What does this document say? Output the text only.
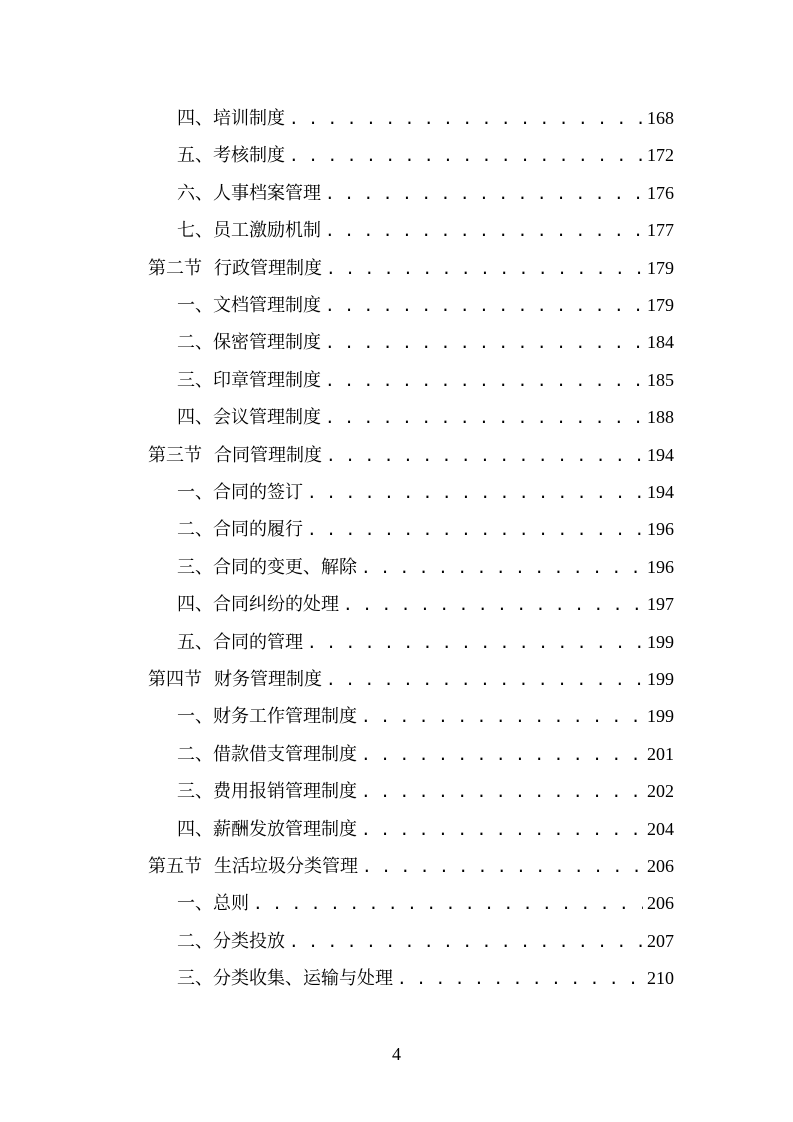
四、培训制度 . . .	168
五、考核制度 . . .	172
六、人事档案管理 . . .	176
七、员工激励机制 . . .	177
第二节 行政管理制度 . . .	179
一、文档管理制度 . . .	179
二、保密管理制度 . . .	184
三、印章管理制度 . . .	185
四、会议管理制度 . . .	188
第三节 合同管理制度 . . .	194
一、合同的签订 . . .	194
二、合同的履行 . . .	196
三、合同的变更、解除 . . .	196
四、合同纠纷的处理 . . .	197
五、合同的管理 . . .	199
第四节 财务管理制度 . . .	199
一、财务工作管理制度 . . .	199
二、借款借支管理制度 . . .	201
三、费用报销管理制度 . . .	202
四、薪酬发放管理制度 . . .	204
第五节 生活垃圾分类管理 . . .	206
一、总则 . . .	206
二、分类投放 . . .	207
三、分类收集、运输与处理 . . .	210
4
